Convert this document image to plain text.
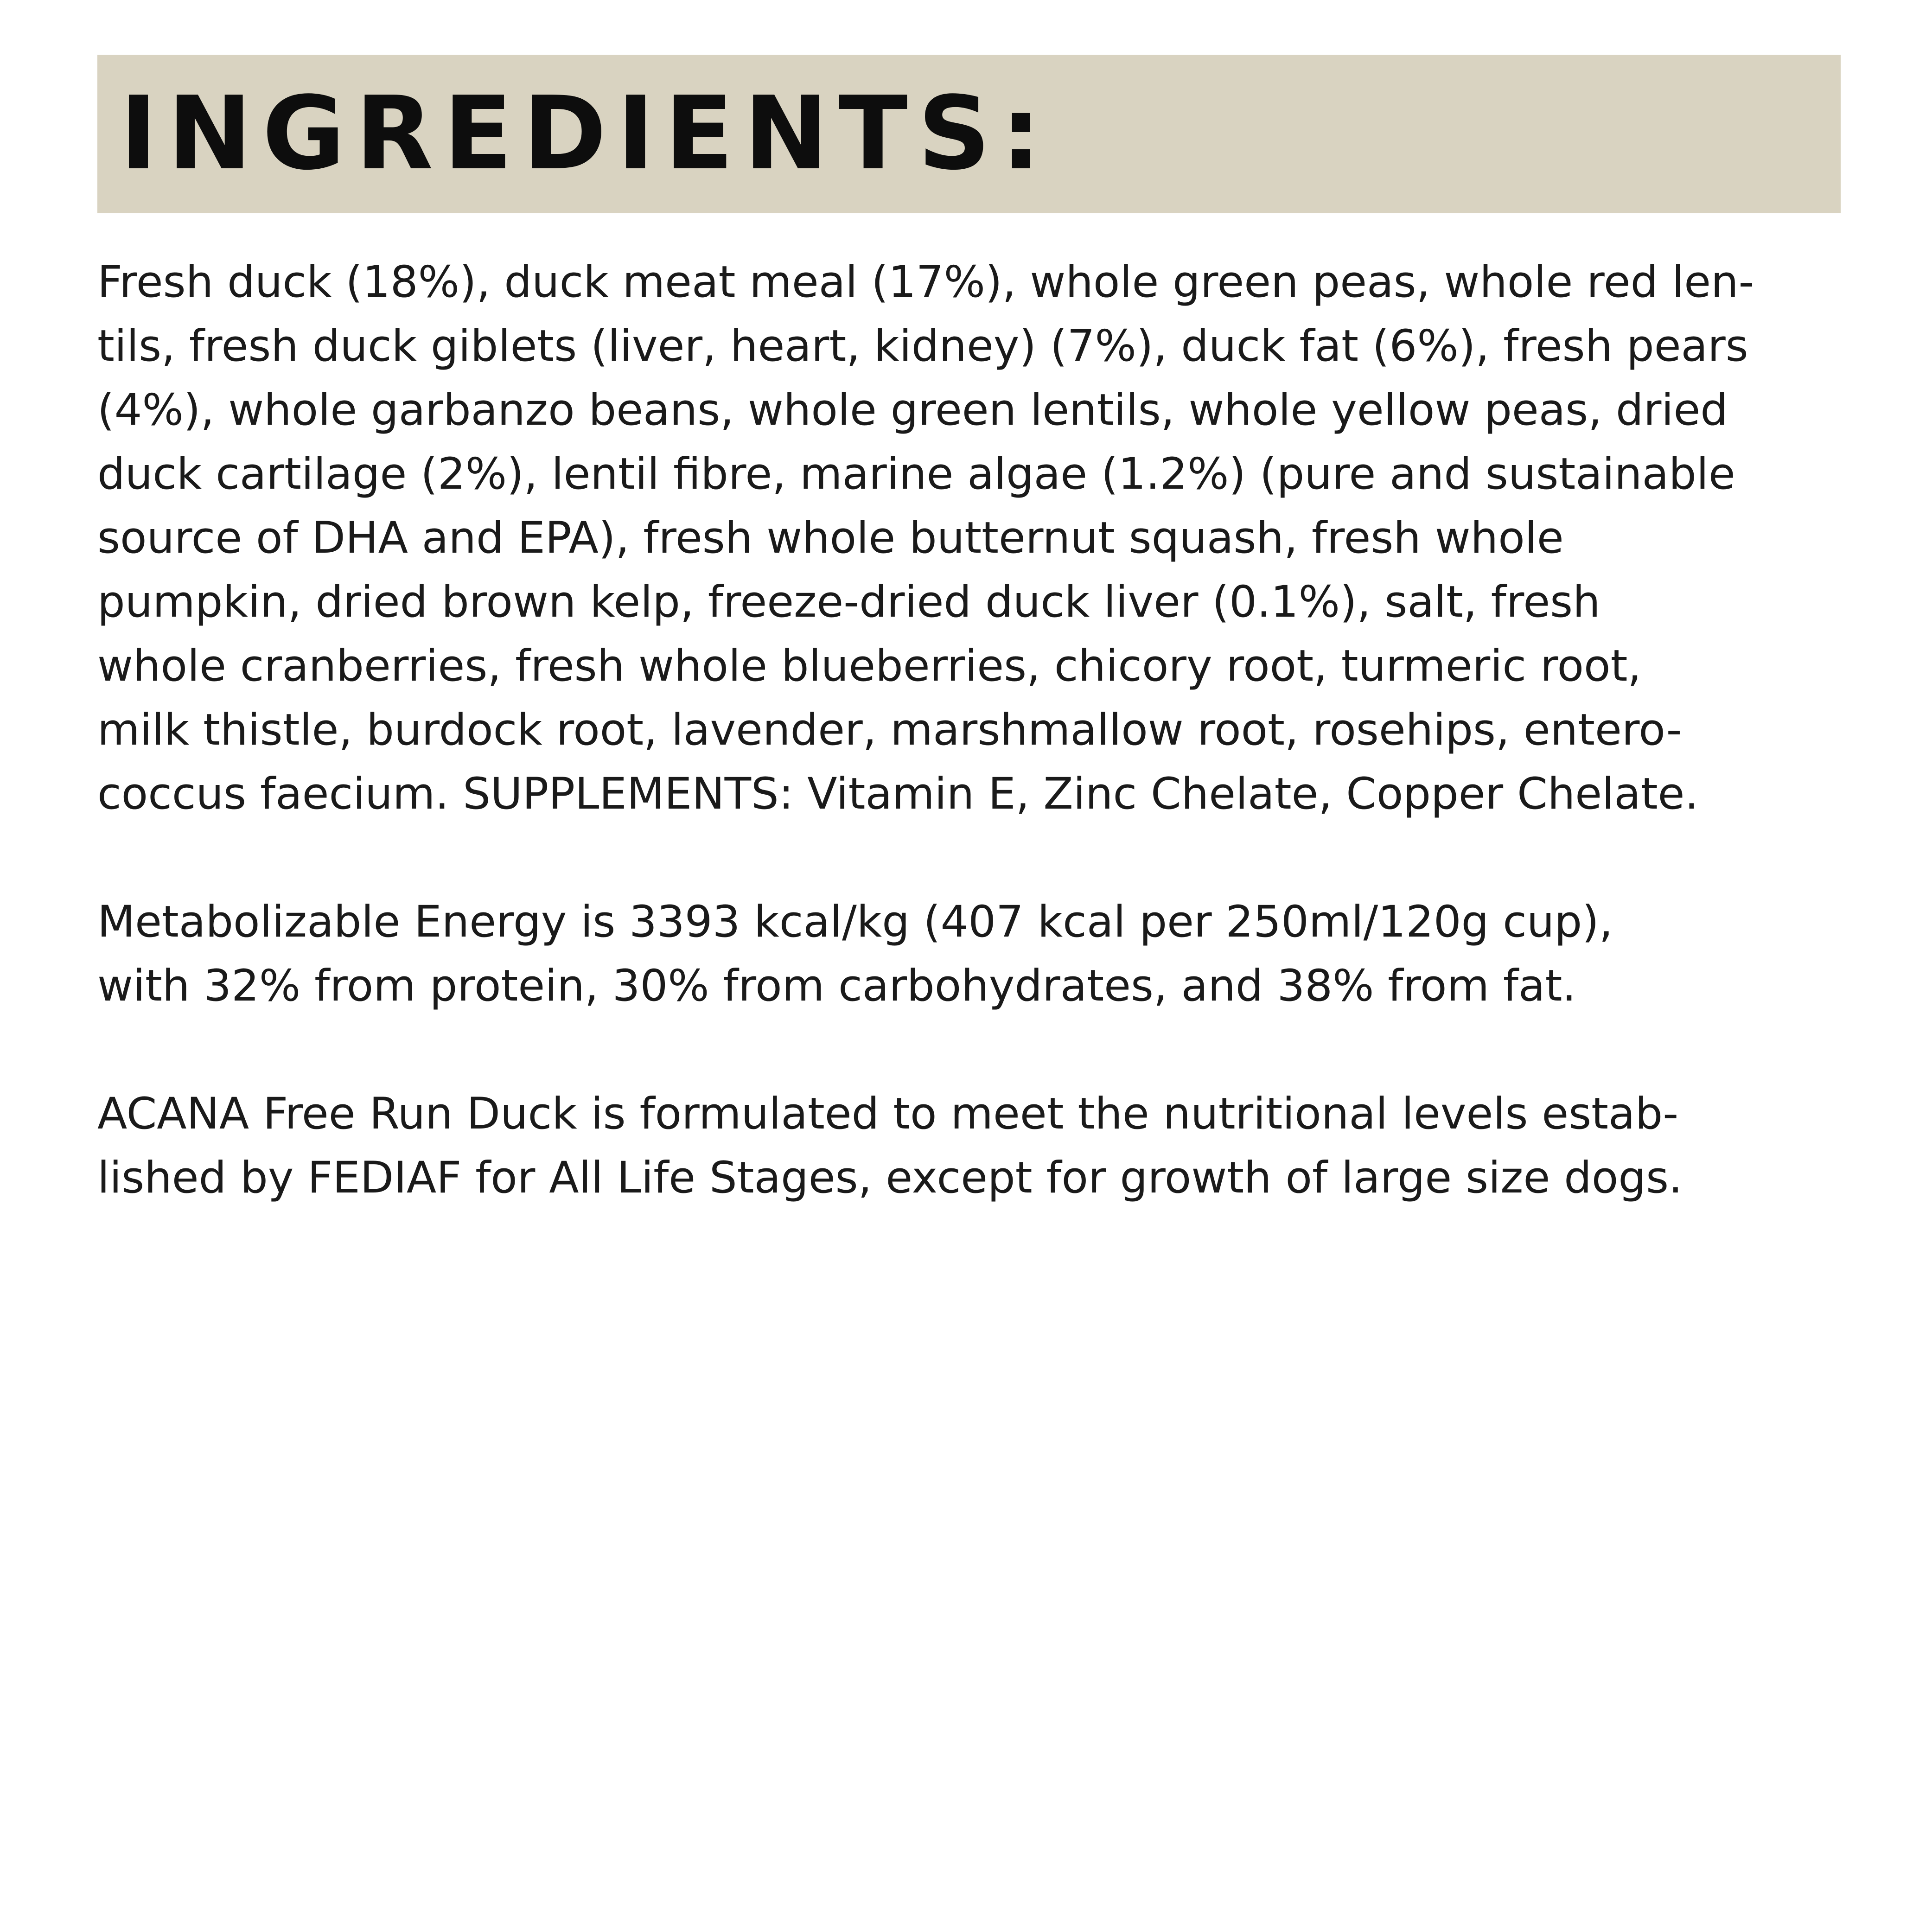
INGREDIENTS:

Fresh duck (18%), duck meat meal (17%), whole green peas, whole red len-
tils, fresh duck giblets (liver, heart, kidney) (7%), duck fat (6%), fresh pears
(4%), whole garbanzo beans, whole green lentils, whole yellow peas, dried
duck cartilage (2%), lentil fibre, marine algae (1.2%) (pure and sustainable
source of DHA and EPA), fresh whole butternut squash, fresh whole
pumpkin, dried brown kelp, freeze-dried duck liver (0.1%), salt, fresh
whole cranberries, fresh whole blueberries, chicory root, turmeric root,
milk thistle, burdock root, lavender, marshmallow root, rosehips, entero-
coccus faecium. SUPPLEMENTS: Vitamin E, Zinc Chelate, Copper Chelate.

Metabolizable Energy is 3393 kcal/kg (407 kcal per 250ml/120g cup),
with 32% from protein, 30% from carbohydrates, and 38% from fat.

ACANA Free Run Duck is formulated to meet the nutritional levels estab-
lished by FEDIAF for All Life Stages, except for growth of large size dogs.
